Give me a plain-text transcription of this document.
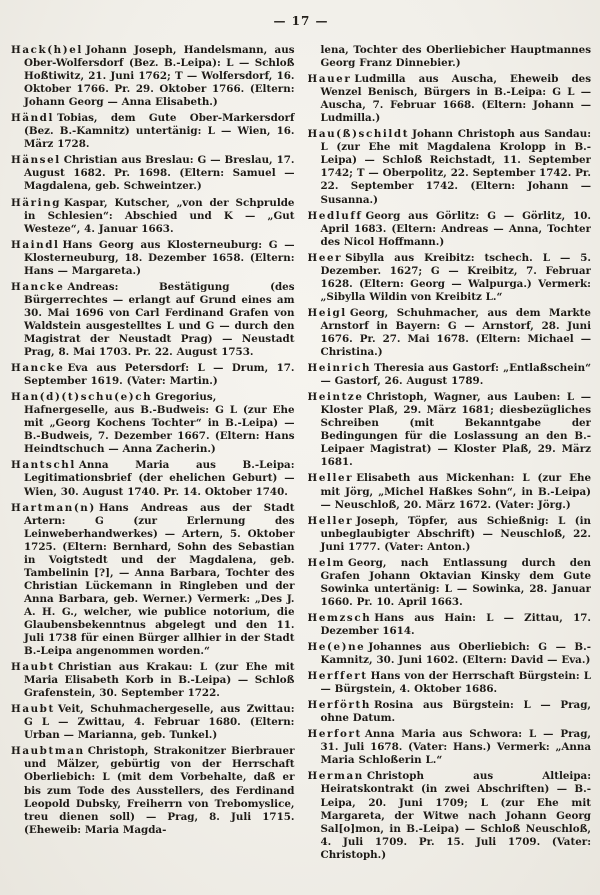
— 17 —

Hack(h)el Johann Joseph, Handelsmann, aus Ober-Wolfersdorf (Bez. B.-Leipa): L — Schloß Hoßtiwitz, 21. Juni 1762; T — Wolfersdorf, 16. Oktober 1766. Pr. 29. Oktober 1766. (Eltern: Johann Georg — Anna Elisabeth.)

Händl Tobias, dem Gute Ober-Markersdorf (Bez. B.-Kamnitz) untertänig: L — Wien, 16. März 1728.

Hänsel Christian aus Breslau: G — Breslau, 17. August 1682. Pr. 1698. (Eltern: Samuel — Magdalena, geb. Schweintzer.)

Häring Kaspar, Kutscher, „von der Schprulde in Schlesien“: Abschied und K — „Gut Westeze“, 4. Januar 1663.

Haindl Hans Georg aus Klosterneuburg: G — Klosterneuburg, 18. Dezember 1658. (Eltern: Hans — Margareta.)

Hancke Andreas: Bestätigung (des Bürgerrechtes — erlangt auf Grund eines am 30. Mai 1696 von Carl Ferdinand Grafen von Waldstein ausgestelltes L und G — durch den Magistrat der Neustadt Prag) — Neustadt Prag, 8. Mai 1703. Pr. 22. August 1753.

Hancke Eva aus Petersdorf: L — Drum, 17. September 1619. (Vater: Martin.)

Han(d)(t)schu(e)ch Gregorius, Hafnergeselle, aus B.-Budweis: G L (zur Ehe mit „Georg Kochens Tochter“ in B.-Leipa) — B.-Budweis, 7. Dezember 1667. (Eltern: Hans Heindtschuch — Anna Zacherin.)

Hantschl Anna Maria aus B.-Leipa: Legitimationsbrief (der ehelichen Geburt) — Wien, 30. August 1740. Pr. 14. Oktober 1740.

Hartman(n) Hans Andreas aus der Stadt Artern: G (zur Erlernung des Leinweberhandwerkes) — Artern, 5. Oktober 1725. (Eltern: Bernhard, Sohn des Sebastian in Voigtstedt und der Magdalena, geb. Tambelinin [?], — Anna Barbara, Tochter des Christian Lückemann in Ringleben und der Anna Barbara, geb. Werner.) Vermerk: „Des J. A. H. G., welcher, wie publice notorium, die Glaubensbekenntnus abgelegt und den 11. Juli 1738 für einen Bürger allhier in der Stadt B.-Leipa angenommen worden.“

Haubt Christian aus Krakau: L (zur Ehe mit Maria Elisabeth Korb in B.-Leipa) — Schloß Grafenstein, 30. September 1722.

Haubt Veit, Schuhmachergeselle, aus Zwittau: G L — Zwittau, 4. Februar 1680. (Eltern: Urban — Marianna, geb. Tunkel.)

Haubtman Christoph, Strakonitzer Bierbrauer und Mälzer, gebürtig von der Herrschaft Oberliebich: L (mit dem Vorbehalte, daß er bis zum Tode des Ausstellers, des Ferdinand Leopold Dubsky, Freiherrn von Trebomyslice, treu dienen soll) — Prag, 8. Juli 1715. (Eheweib: Maria Magda-

lena, Tochter des Oberliebicher Hauptmannes Georg Franz Dinnebier.)

Hauer Ludmilla aus Auscha, Eheweib des Wenzel Benisch, Bürgers in B.-Leipa: G L — Auscha, 7. Februar 1668. (Eltern: Johann — Ludmilla.)

Hau(ß)schildt Johann Christoph aus Sandau: L (zur Ehe mit Magdalena Krolopp in B.-Leipa) — Schloß Reichstadt, 11. September 1742; T — Oberpolitz, 22. September 1742. Pr. 22. September 1742. (Eltern: Johann — Susanna.)

Hedluff Georg aus Görlitz: G — Görlitz, 10. April 1683. (Eltern: Andreas — Anna, Tochter des Nicol Hoffmann.)

Heer Sibylla aus Kreibitz: tschech. L — 5. Dezember. 1627; G — Kreibitz, 7. Februar 1628. (Eltern: Georg — Walpurga.) Vermerk: „Sibylla Wildin von Kreibitz L.“

Heigl Georg, Schuhmacher, aus dem Markte Arnstorf in Bayern: G — Arnstorf, 28. Juni 1676. Pr. 27. Mai 1678. (Eltern: Michael — Christina.)

Heinrich Theresia aus Gastorf: „Entlaßschein“ — Gastorf, 26. August 1789.

Heintze Christoph, Wagner, aus Lauben: L — Kloster Plaß, 29. März 1681; diesbezügliches Schreiben (mit Bekanntgabe der Bedingungen für die Loslassung an den B.-Leipaer Magistrat) — Kloster Plaß, 29. März 1681.

Heller Elisabeth aus Mickenhan: L (zur Ehe mit Jörg, „Michel Haßkes Sohn“, in B.-Leipa) — Neuschloß, 20. März 1672. (Vater: Jörg.)

Heller Joseph, Töpfer, aus Schießnig: L (in unbeglaubigter Abschrift) — Neuschloß, 22. Juni 1777. (Vater: Anton.)

Helm Georg, nach Entlassung durch den Grafen Johann Oktavian Kinsky dem Gute Sowinka untertänig: L — Sowinka, 28. Januar 1660. Pr. 10. April 1663.

Hemzsch Hans aus Hain: L — Zittau, 17. Dezember 1614.

He(e)ne Johannes aus Oberliebich: G — B.-Kamnitz, 30. Juni 1602. (Eltern: David — Eva.)

Herffert Hans von der Herrschaft Bürgstein: L — Bürgstein, 4. Oktober 1686.

Herförth Rosina aus Bürgstein: L — Prag, ohne Datum.

Herfort Anna Maria aus Schwora: L — Prag, 31. Juli 1678. (Vater: Hans.) Vermerk: „Anna Maria Schloßerin L.“

Herman Christoph aus Altleipa: Heiratskontrakt (in zwei Abschriften) — B.-Leipa, 20. Juni 1709; L (zur Ehe mit Margareta, der Witwe nach Johann Georg Sal[o]mon, in B.-Leipa) — Schloß Neuschloß, 4. Juli 1709. Pr. 15. Juli 1709. (Vater: Christoph.)
